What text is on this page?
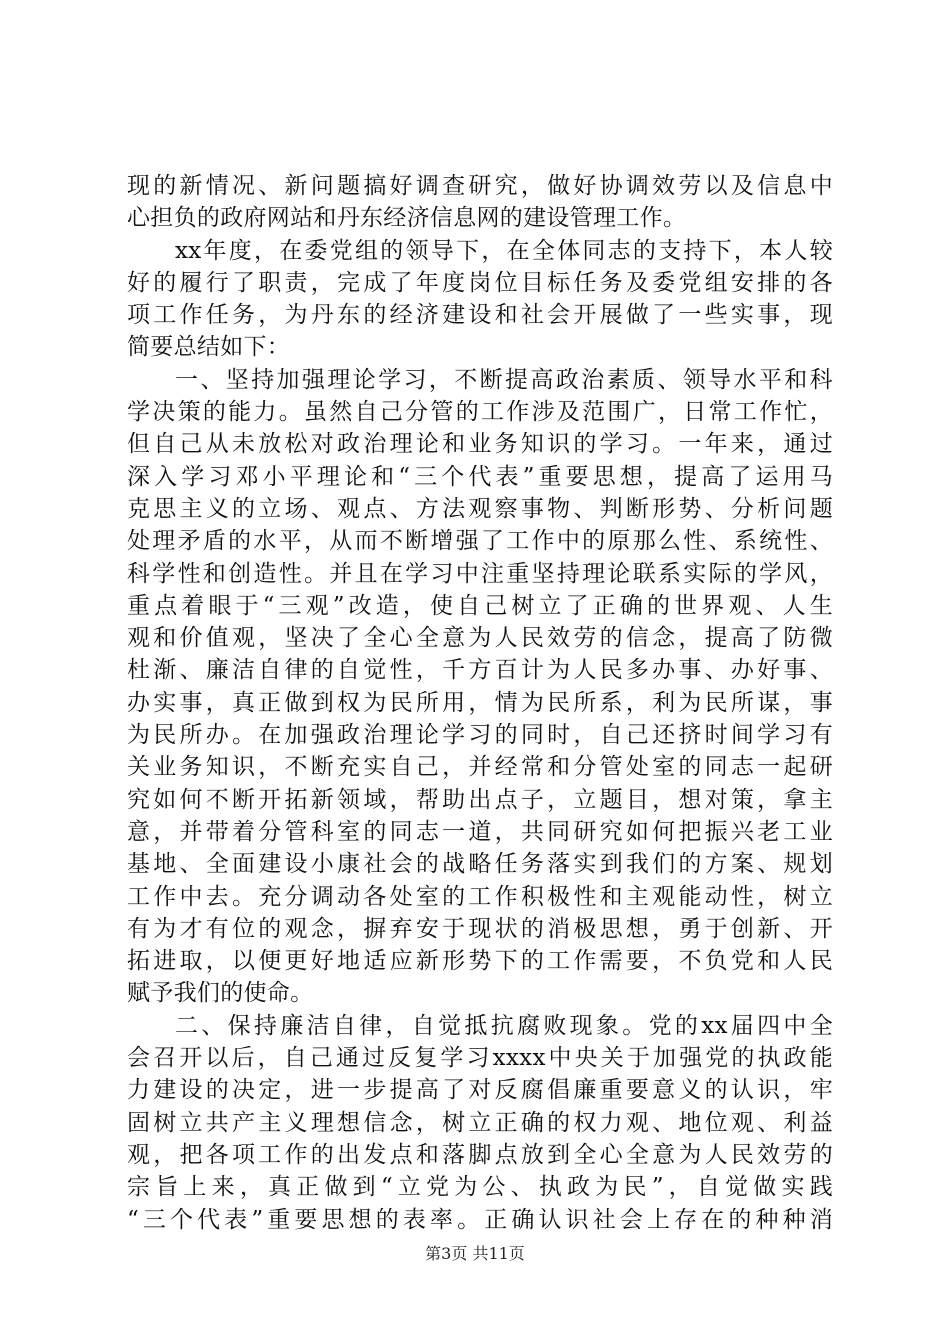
现的新情况、新问题搞好调查研究，做好协调效劳以及信息中
心担负的政府网站和丹东经济信息网的建设管理工作。
xx年度，在委党组的领导下，在全体同志的支持下，本人较
好的履行了职责，完成了年度岗位目标任务及委党组安排的各
项工作任务，为丹东的经济建设和社会开展做了一些实事，现
简要总结如下：
一、坚持加强理论学习，不断提高政治素质、领导水平和科
学决策的能力。虽然自己分管的工作涉及范围广，日常工作忙，
但自己从未放松对政治理论和业务知识的学习。一年来，通过
深入学习邓小平理论和“三个代表”重要思想，提高了运用马
克思主义的立场、观点、方法观察事物、判断形势、分析问题
处理矛盾的水平，从而不断增强了工作中的原那么性、系统性、
科学性和创造性。并且在学习中注重坚持理论联系实际的学风，
重点着眼于“三观”改造，使自己树立了正确的世界观、人生
观和价值观，坚决了全心全意为人民效劳的信念，提高了防微
杜渐、廉洁自律的自觉性，千方百计为人民多办事、办好事、
办实事，真正做到权为民所用，情为民所系，利为民所谋，事
为民所办。在加强政治理论学习的同时，自己还挤时间学习有
关业务知识，不断充实自己，并经常和分管处室的同志一起研
究如何不断开拓新领域，帮助出点子，立题目，想对策，拿主
意，并带着分管科室的同志一道，共同研究如何把振兴老工业
基地、全面建设小康社会的战略任务落实到我们的方案、规划
工作中去。充分调动各处室的工作积极性和主观能动性，树立
有为才有位的观念，摒弃安于现状的消极思想，勇于创新、开
拓进取，以便更好地适应新形势下的工作需要，不负党和人民
赋予我们的使命。
二、保持廉洁自律，自觉抵抗腐败现象。党的xx届四中全
会召开以后，自己通过反复学习xxxx中央关于加强党的执政能
力建设的决定，进一步提高了对反腐倡廉重要意义的认识，牢
固树立共产主义理想信念，树立正确的权力观、地位观、利益
观，把各项工作的出发点和落脚点放到全心全意为人民效劳的
宗旨上来，真正做到“立党为公、执政为民”，自觉做实践
“三个代表”重要思想的表率。正确认识社会上存在的种种消
第3页 共11页
